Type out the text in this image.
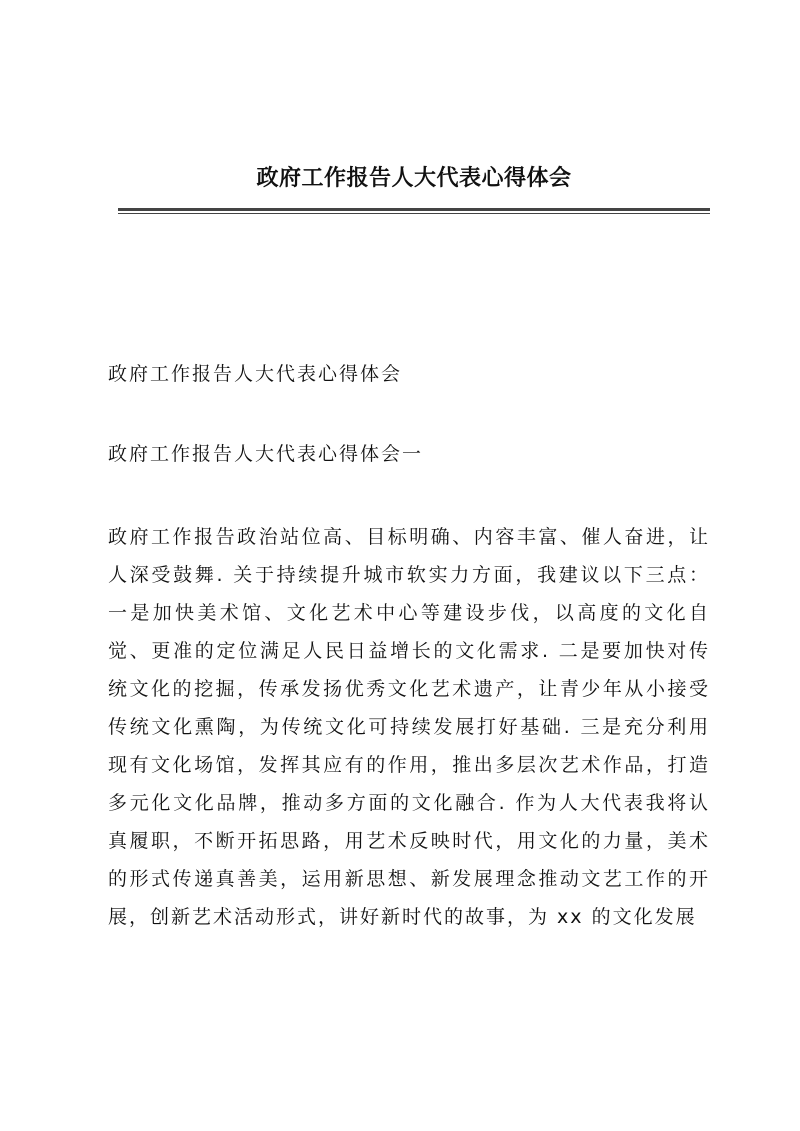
政府工作报告人大代表心得体会

政府工作报告人大代表心得体会

政府工作报告人大代表心得体会一

政府工作报告政治站位高、目标明确、内容丰富、催人奋进，让人深受鼓舞. 关于持续提升城市软实力方面，我建议以下三点：一是加快美术馆、文化艺术中心等建设步伐，以高度的文化自觉、更准的定位满足人民日益增长的文化需求. 二是要加快对传统文化的挖掘，传承发扬优秀文化艺术遗产，让青少年从小接受传统文化熏陶，为传统文化可持续发展打好基础. 三是充分利用现有文化场馆，发挥其应有的作用，推出多层次艺术作品，打造多元化文化品牌，推动多方面的文化融合. 作为人大代表我将认真履职，不断开拓思路，用艺术反映时代，用文化的力量，美术的形式传递真善美，运用新思想、新发展理念推动文艺工作的开展，创新艺术活动形式，讲好新时代的故事，为 xx 的文化发展
